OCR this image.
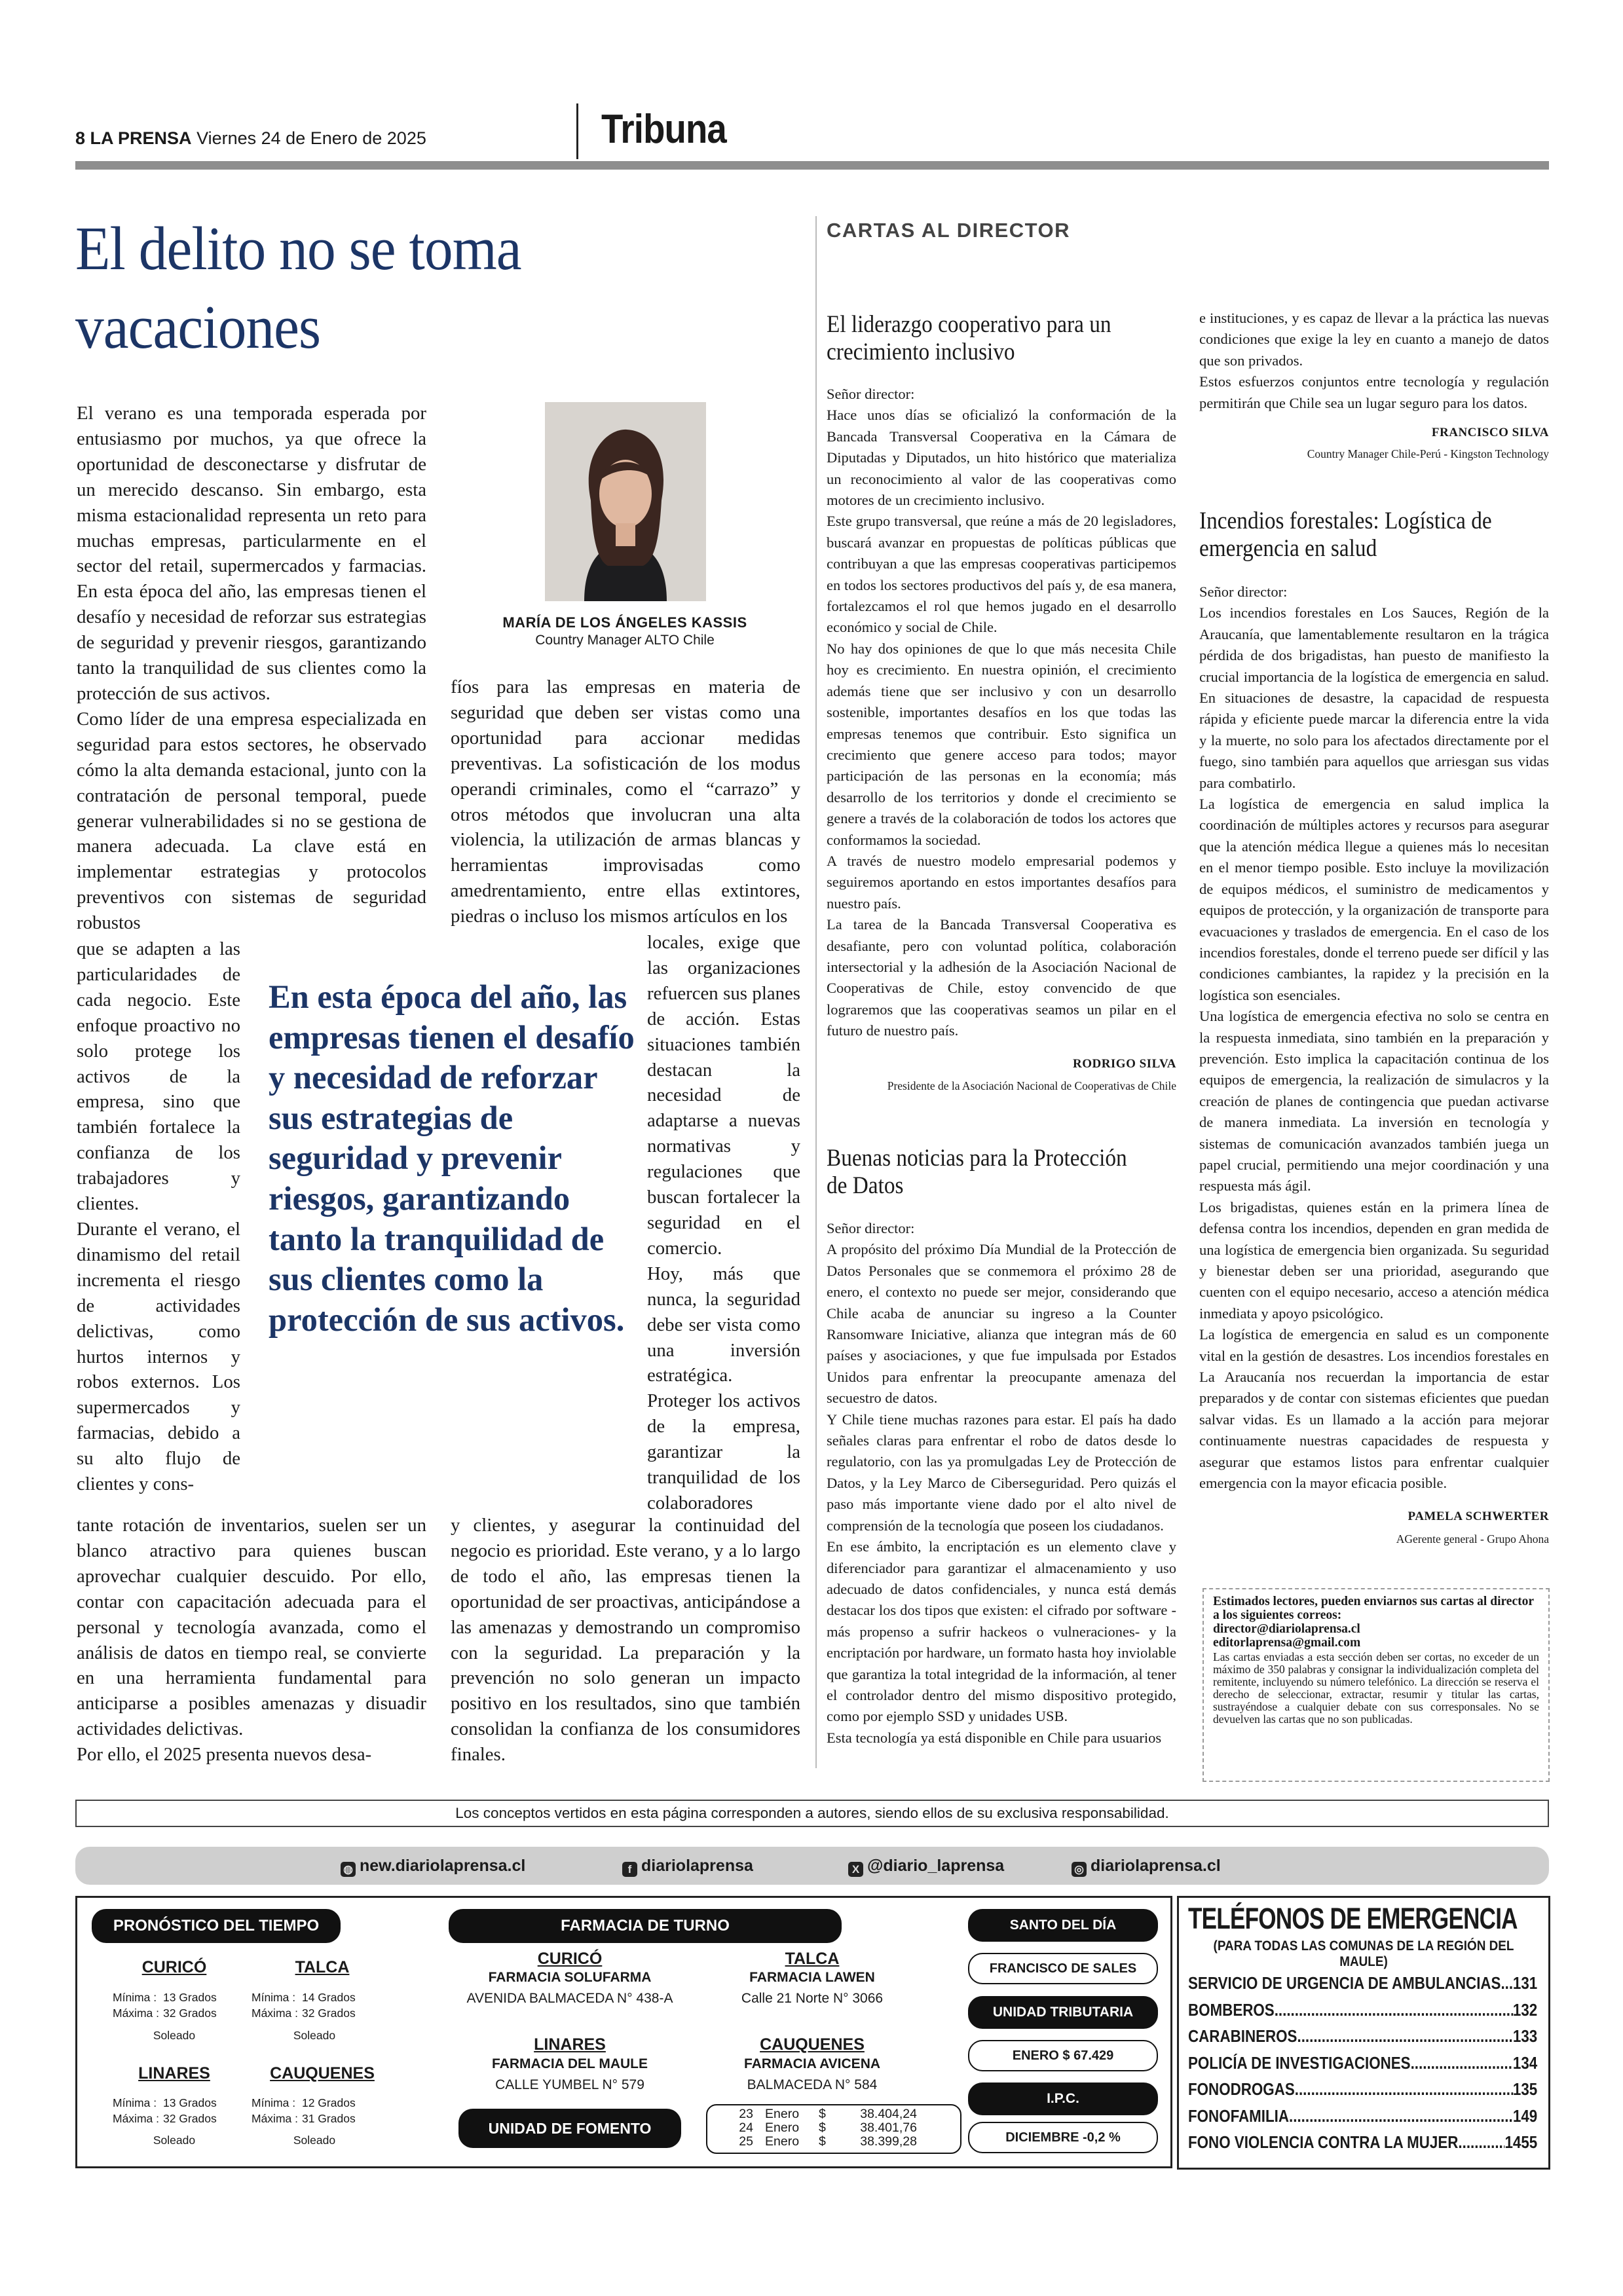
8 LA PRENSA Viernes 24 de Enero de 2025	Tribuna
El delito no se toma vacaciones

El verano es una temporada esperada por entusiasmo por muchos, ya que ofrece la oportunidad de desconectarse y disfrutar de un merecido descanso. Sin embargo, esta misma estacionalidad representa un reto para muchas empresas, particularmente en el sector del retail, supermercados y farmacias. En esta época del año, las empresas tienen el desafío y necesidad de reforzar sus estrategias de seguridad y prevenir riesgos, garantizando tanto la tranquilidad de sus clientes como la protección de sus activos.

Como líder de una empresa especializada en seguridad para estos sectores, he observado cómo la alta demanda estacional, junto con la contratación de personal temporal, puede generar vulnerabilidades si no se gestiona de manera adecuada. La clave está en implementar estrategias y protocolos preventivos con sistemas de seguridad robustos

que se adapten a las particularidades de cada negocio. Este enfoque proactivo no solo protege los activos de la empresa, sino que también fortalece la confianza de los trabajadores y clientes.

Durante el verano, el dinamismo del retail incrementa el riesgo de actividades delictivas, como hurtos internos y robos externos. Los supermercados y farmacias, debido a su alto flujo de clientes y cons-

tante rotación de inventarios, suelen ser un blanco atractivo para quienes buscan aprovechar cualquier descuido. Por ello, contar con capacitación adecuada para el personal y tecnología avanzada, como el análisis de datos en tiempo real, se convierte en una herramienta fundamental para anticiparse a posibles amenazas y disuadir actividades delictivas.

Por ello, el 2025 presenta nuevos desa-

MARÍA DE LOS ÁNGELES KASSIS
Country Manager ALTO Chile

fíos para las empresas en materia de seguridad que deben ser vistas como una oportunidad para accionar medidas preventivas. La sofisticación de los modus operandi criminales, como el “carrazo” y otros métodos que involucran una alta violencia, la utilización de armas blancas y herramientas improvisadas como amedrentamiento, entre ellas extintores, piedras o incluso los mismos artículos en los

locales, exige que las organizaciones refuercen sus planes de acción. Estas situaciones también destacan la necesidad de adaptarse a nuevas normativas y regulaciones que buscan fortalecer la seguridad en el comercio.

Hoy, más que nunca, la seguridad debe ser vista como una inversión estratégica. Proteger los activos de la empresa, garantizar la tranquilidad de los colaboradores

y clientes, y asegurar la continuidad del negocio es prioridad. Este verano, y a lo largo de todo el año, las empresas tienen la oportunidad de ser proactivas, anticipándose a las amenazas y demostrando un compromiso con la seguridad. La preparación y la prevención no solo generan un impacto positivo en los resultados, sino que también consolidan la confianza de los consumidores finales.

En esta época del año, las empresas tienen el desafío y necesidad de reforzar sus estrategias de seguridad y prevenir riesgos, garantizando tanto la tranquilidad de sus clientes como la protección de sus activos.
CARTAS AL DIRECTOR
El liderazgo cooperativo para un crecimiento inclusivo

Señor director:

Hace unos días se oficializó la conformación de la Bancada Transversal Cooperativa en la Cámara de Diputadas y Diputados, un hito histórico que materializa un reconocimiento al valor de las cooperativas como motores de un crecimiento inclusivo.

Este grupo transversal, que reúne a más de 20 legisladores, buscará avanzar en propuestas de políticas públicas que contribuyan a que las empresas cooperativas participemos en todos los sectores productivos del país y, de esa manera, fortalezcamos el rol que hemos jugado en el desarrollo económico y social de Chile.

No hay dos opiniones de que lo que más necesita Chile hoy es crecimiento. En nuestra opinión, el crecimiento además tiene que ser inclusivo y con un desarrollo sostenible, importantes desafíos en los que todas las empresas tenemos que contribuir. Esto significa un crecimiento que genere acceso para todos; mayor participación de las personas en la economía; más desarrollo de los territorios y donde el crecimiento se genere a través de la colaboración de todos los actores que conformamos la sociedad.

A través de nuestro modelo empresarial podemos y seguiremos aportando en estos importantes desafíos para nuestro país.

La tarea de la Bancada Transversal Cooperativa es desafiante, pero con voluntad política, colaboración intersectorial y la adhesión de la Asociación Nacional de Cooperativas de Chile, estoy convencido de que lograremos que las cooperativas seamos un pilar en el futuro de nuestro país.

RODRIGO SILVA
Presidente de la Asociación Nacional de Cooperativas de Chile
Buenas noticias para la Protección de Datos

Señor director:

A propósito del próximo Día Mundial de la Protección de Datos Personales que se conmemora el próximo 28 de enero, el contexto no puede ser mejor, considerando que Chile acaba de anunciar su ingreso a la Counter Ransomware Iniciative, alianza que integran más de 60 países y asociaciones, y que fue impulsada por Estados Unidos para enfrentar la preocupante amenaza del secuestro de datos.

Y Chile tiene muchas razones para estar. El país ha dado señales claras para enfrentar el robo de datos desde lo regulatorio, con las ya promulgadas Ley de Protección de Datos, y la Ley Marco de Ciberseguridad. Pero quizás el paso más importante viene dado por el alto nivel de comprensión de la tecnología que poseen los ciudadanos.

En ese ámbito, la encriptación es un elemento clave y diferenciador para garantizar el almacenamiento y uso adecuado de datos confidenciales, y nunca está demás destacar los dos tipos que existen: el cifrado por software -más propenso a sufrir hackeos o vulneraciones- y la encriptación por hardware, un formato hasta hoy inviolable que garantiza la total integridad de la información, al tener el controlador dentro del mismo dispositivo protegido, como por ejemplo SSD y unidades USB.

Esta tecnología ya está disponible en Chile para usuarios

e instituciones, y es capaz de llevar a la práctica las nuevas condiciones que exige la ley en cuanto a manejo de datos que son privados.

Estos esfuerzos conjuntos entre tecnología y regulación permitirán que Chile sea un lugar seguro para los datos.

FRANCISCO SILVA
Country Manager Chile-Perú - Kingston Technology
Incendios forestales: Logística de emergencia en salud

Señor director:

Los incendios forestales en Los Sauces, Región de la Araucanía, que lamentablemente resultaron en la trágica pérdida de dos brigadistas, han puesto de manifiesto la crucial importancia de la logística de emergencia en salud. En situaciones de desastre, la capacidad de respuesta rápida y eficiente puede marcar la diferencia entre la vida y la muerte, no solo para los afectados directamente por el fuego, sino también para aquellos que arriesgan sus vidas para combatirlo.

La logística de emergencia en salud implica la coordinación de múltiples actores y recursos para asegurar que la atención médica llegue a quienes más lo necesitan en el menor tiempo posible. Esto incluye la movilización de equipos médicos, el suministro de medicamentos y equipos de protección, y la organización de transporte para evacuaciones y traslados de emergencia. En el caso de los incendios forestales, donde el terreno puede ser difícil y las condiciones cambiantes, la rapidez y la precisión en la logística son esenciales.

Una logística de emergencia efectiva no solo se centra en la respuesta inmediata, sino también en la preparación y prevención. Esto implica la capacitación continua de los equipos de emergencia, la realización de simulacros y la creación de planes de contingencia que puedan activarse de manera inmediata. La inversión en tecnología y sistemas de comunicación avanzados también juega un papel crucial, permitiendo una mejor coordinación y una respuesta más ágil.

Los brigadistas, quienes están en la primera línea de defensa contra los incendios, dependen en gran medida de una logística de emergencia bien organizada. Su seguridad y bienestar deben ser una prioridad, asegurando que cuenten con el equipo necesario, acceso a atención médica inmediata y apoyo psicológico.

La logística de emergencia en salud es un componente vital en la gestión de desastres. Los incendios forestales en La Araucanía nos recuerdan la importancia de estar preparados y de contar con sistemas eficientes que puedan salvar vidas. Es un llamado a la acción para mejorar continuamente nuestras capacidades de respuesta y asegurar que estamos listos para enfrentar cualquier emergencia con la mayor eficacia posible.

PAMELA SCHWERTER
AGerente general - Grupo Ahona
Estimados lectores, pueden enviarnos sus cartas al director a los siguientes correos:
director@diariolaprensa.cl
editorlaprensa@gmail.com
Las cartas enviadas a esta sección deben ser cortas, no exceder de un máximo de 350 palabras y consignar la individualización completa del remitente, incluyendo su número telefónico. La dirección se reserva el derecho de seleccionar, extractar, resumir y titular las cartas, sustrayéndose a cualquier debate con sus corresponsales. No se devuelven las cartas que no son publicadas.
Los conceptos vertidos en esta página corresponden a autores, siendo ellos de su exclusiva responsabilidad.
◍ new.diariolaprensa.cl	f diariolaprensa	X @diario_laprensa	◎ diariolaprensa.cl
PRONÓSTICO DEL TIEMPO
CURICÓ
Mínima :	13 Grados
Máxima :	32 Grados
Soleado
TALCA
Mínima :	14 Grados
Máxima :	32 Grados
Soleado
LINARES
Mínima :	13 Grados
Máxima :	32 Grados
Soleado
CAUQUENES
Mínima :	12 Grados
Máxima :	31 Grados
Soleado
FARMACIA DE TURNO
CURICÓ
FARMACIA SOLUFARMA
AVENIDA BALMACEDA N° 438-A
TALCA
FARMACIA LAWEN
Calle 21 Norte N° 3066
LINARES
FARMACIA DEL MAULE
CALLE YUMBEL N° 579
CAUQUENES
FARMACIA AVICENA
BALMACEDA N° 584
UNIDAD DE FOMENTO
23	Enero	$	38.404,24
24	Enero	$	38.401,76
25	Enero	$	38.399,28
SANTO DEL DÍA
FRANCISCO DE SALES
UNIDAD TRIBUTARIA
ENERO $ 67.429
I.P.C.
DICIEMBRE -0,2 %
TELÉFONOS DE EMERGENCIA
(PARA TODAS LAS COMUNAS DE LA REGIÓN DEL MAULE)
SERVICIO DE URGENCIA DE AMBULANCIAS ..... 131
BOMBEROS .....	132
CARABINEROS .....	133
POLICÍA DE INVESTIGACIONES .....	134
FONODROGAS .....	135
FONOFAMILIA .....	149
FONO VIOLENCIA CONTRA LA MUJER .....	1455
